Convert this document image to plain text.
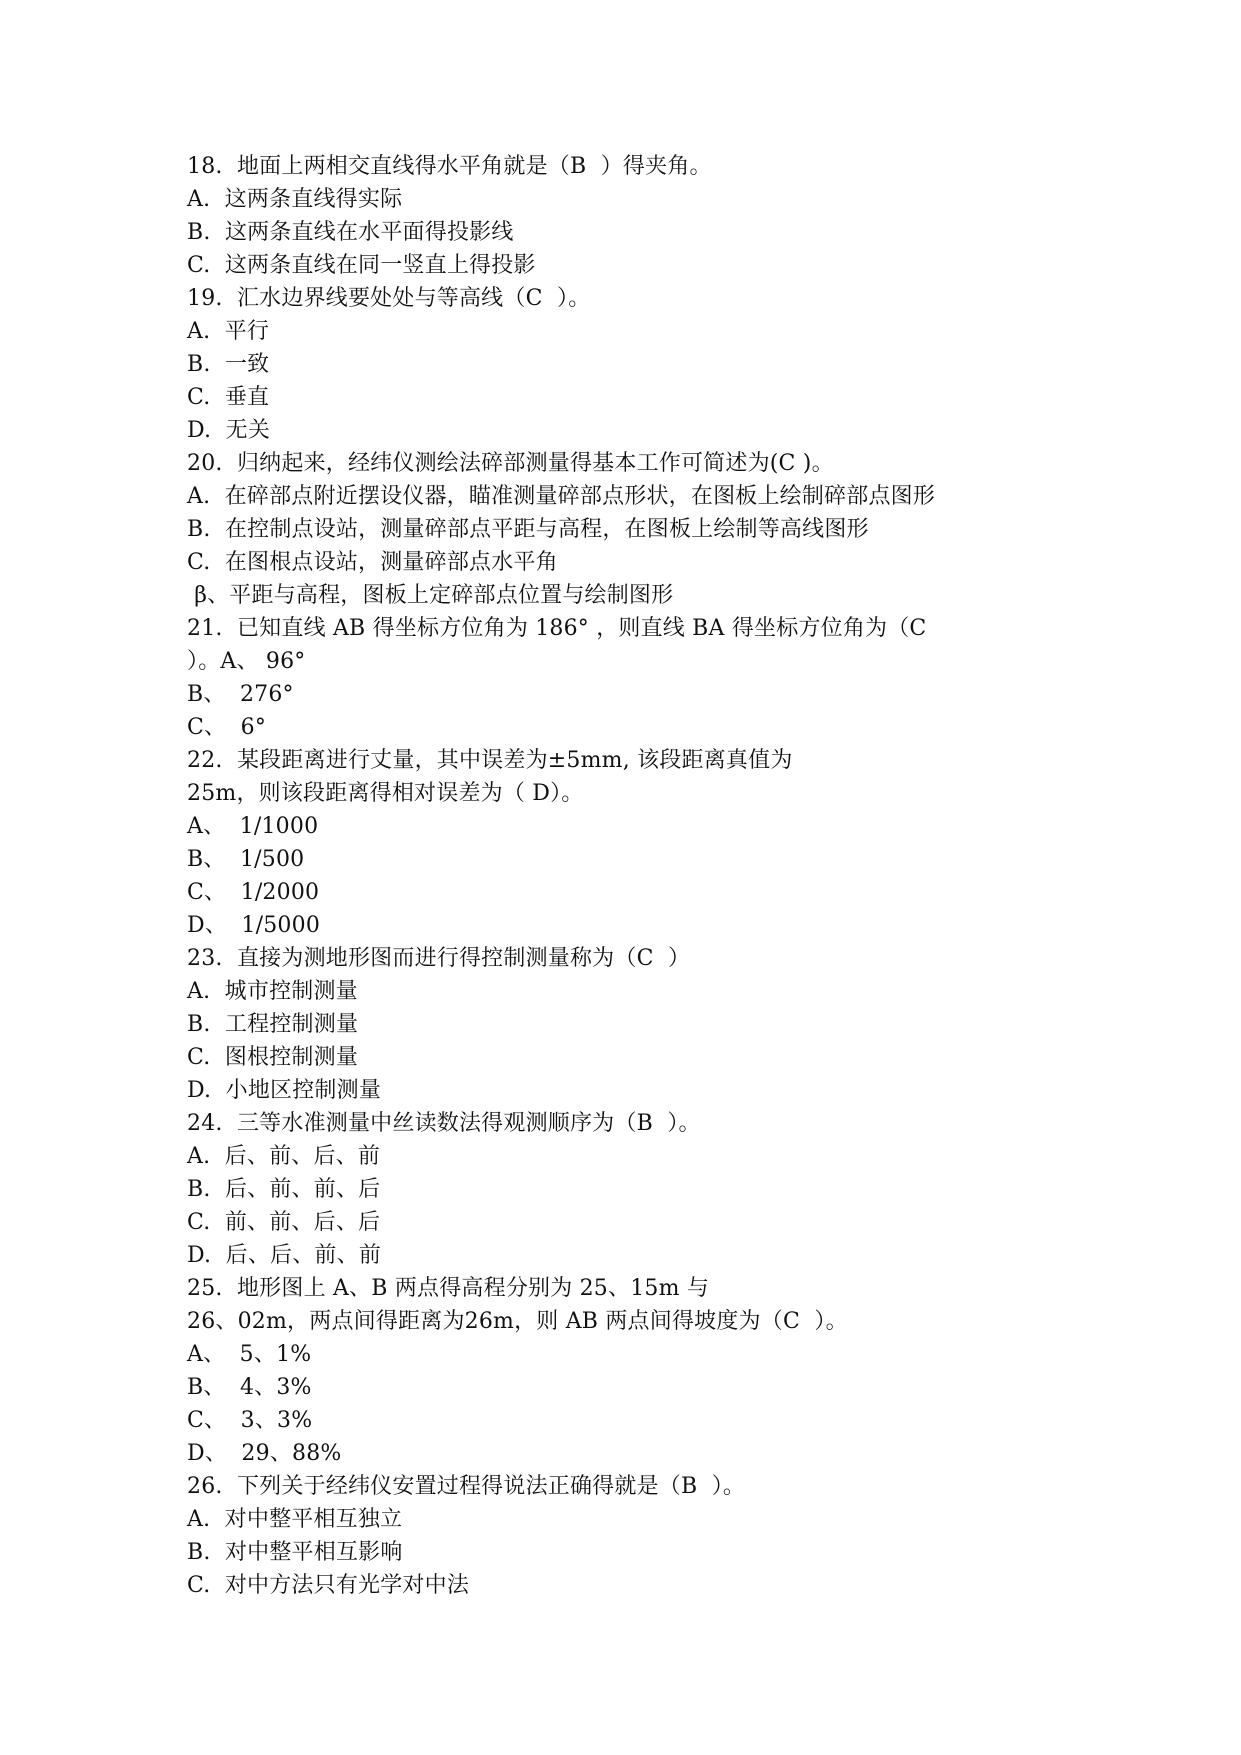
18.  地面上两相交直线得水平角就是（B  ）得夹角。
A.  这两条直线得实际
B.  这两条直线在水平面得投影线
C.  这两条直线在同一竖直上得投影
19.  汇水边界线要处处与等高线（C  ）。
A.  平行
B.  一致
C.  垂直
D.  无关
20.  归纳起来，经纬仪测绘法碎部测量得基本工作可简述为(C )。
A.  在碎部点附近摆设仪器，瞄准测量碎部点形状，在图板上绘制碎部点图形
B.  在控制点设站，测量碎部点平距与高程，在图板上绘制等高线图形
C.  在图根点设站，测量碎部点水平角
β、平距与高程，图板上定碎部点位置与绘制图形
21.  已知直线 AB 得坐标方位角为 186° ，则直线 BA 得坐标方位角为（C
）。A、 96°
B、  276°
C、  6°
22.  某段距离进行丈量，其中误差为±5mm, 该段距离真值为
25m，则该段距离得相对误差为（ D）。
A、  1/1000
B、  1/500
C、  1/2000
D、  1/5000
23.  直接为测地形图而进行得控制测量称为（C  ）
A.  城市控制测量
B.  工程控制测量
C.  图根控制测量
D.  小地区控制测量
24.  三等水准测量中丝读数法得观测顺序为（B  ）。
A.  后、前、后、前
B.  后、前、前、后
C.  前、前、后、后
D.  后、后、前、前
25.  地形图上 A、B 两点得高程分别为 25、15m 与
26、02m，两点间得距离为26m，则 AB 两点间得坡度为（C  ）。
A、  5、1%
B、  4、3%
C、  3、3%
D、  29、88%
26.  下列关于经纬仪安置过程得说法正确得就是（B  ）。
A.  对中整平相互独立
B.  对中整平相互影响
C.  对中方法只有光学对中法
